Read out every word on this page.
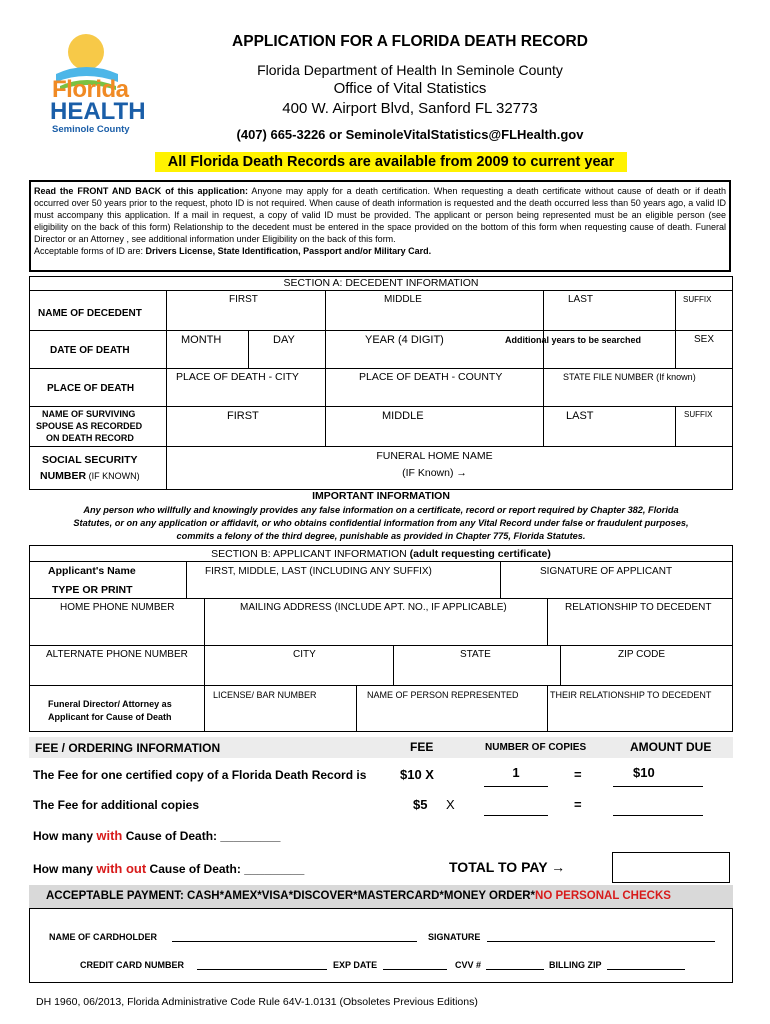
Florida
HEALTH
Seminole County
APPLICATION FOR A FLORIDA DEATH RECORD
Florida Department of Health In Seminole County
Office of Vital Statistics
400 W. Airport Blvd, Sanford FL 32773
(407) 665-3226 or SeminoleVitalStatistics@FLHealth.gov
All Florida Death Records are available from 2009 to current year
Read the FRONT AND BACK of this application: Anyone may apply for a death certification. When requesting a death certificate without cause of death or if death occurred over 50 years prior to the request, photo ID is not required. When cause of death information is requested and the death occurred less than 50 years ago, a valid ID must accompany this application. If a mail in request, a copy of valid ID must be provided. The applicant or person being represented must be an eligible person (see eligibility on the back of this form) Relationship to the decedent must be entered in the space provided on the bottom of this form when requesting cause of death. Funeral Director or an Attorney , see additional information under Eligibility on the back of this form.
Acceptable forms of ID are: Drivers License, State Identification, Passport and/or Military Card.
SECTION A: DECEDENT INFORMATION
NAME OF DECEDENT
FIRST	MIDDLE	LAST	SUFFIX
DATE OF DEATH
MONTH	DAY	YEAR (4 DIGIT)	Additional years to be searched	SEX
PLACE OF DEATH
PLACE OF DEATH - CITY	PLACE OF DEATH - COUNTY	STATE FILE NUMBER (If known)
NAME OF SURVIVING
SPOUSE AS RECORDED
ON DEATH RECORD
FIRST	MIDDLE	LAST	SUFFIX
SOCIAL SECURITY
NUMBER (IF KNOWN)
FUNERAL HOME NAME
(IF Known) →
IMPORTANT INFORMATION
Any person who willfully and knowingly provides any false information on a certificate, record or report required by Chapter 382, Florida
Statutes, or on any application or affidavit, or who obtains confidential information from any Vital Record under false or fraudulent purposes,
commits a felony of the third degree, punishable as provided in Chapter 775, Florida Statutes.
SECTION B: APPLICANT INFORMATION (adult requesting certificate)
Applicant's Name
TYPE OR PRINT
FIRST, MIDDLE, LAST (INCLUDING ANY SUFFIX)	SIGNATURE OF APPLICANT
HOME PHONE NUMBER	MAILING ADDRESS (INCLUDE APT. NO., IF APPLICABLE)	RELATIONSHIP TO DECEDENT
ALTERNATE PHONE NUMBER	CITY	STATE	ZIP CODE
LICENSE/ BAR NUMBER	NAME OF PERSON REPRESENTED	THEIR RELATIONSHIP TO DECEDENT
Funeral Director/ Attorney as
Applicant for Cause of Death
FEE / ORDERING INFORMATION	FEE	NUMBER OF COPIES	AMOUNT DUE
The Fee for one certified copy of a Florida Death Record is	$10 X	1	=	$10
The Fee for additional copies	$5 X	=
How many with Cause of Death: _________
How many with out Cause of Death: _________	TOTAL TO PAY →
ACCEPTABLE PAYMENT: CASH*AMEX*VISA*DISCOVER*MASTERCARD*MONEY ORDER*NO PERSONAL CHECKS
NAME OF CARDHOLDER	SIGNATURE
CREDIT CARD NUMBER	EXP DATE	CVV #	BILLING ZIP
DH 1960, 06/2013, Florida Administrative Code Rule 64V-1.0131 (Obsoletes Previous Editions)
